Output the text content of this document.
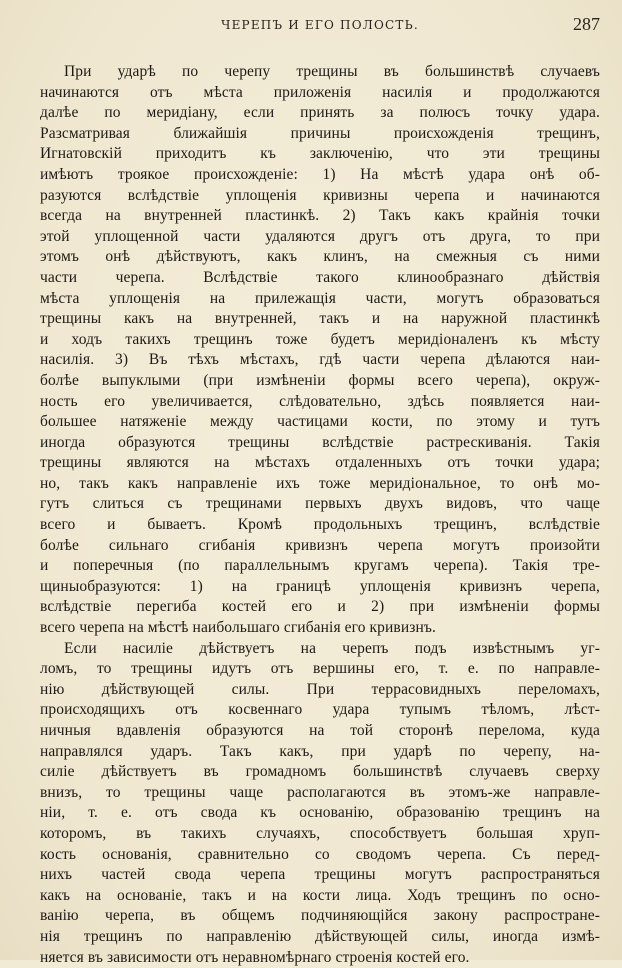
ЧЕРЕПЪ И ЕГО ПОЛОСТЬ.	287
При ударѣ по черепу трещины въ большинствѣ случаевъ
начинаются отъ мѣста приложенія насилія и продолжаются
далѣе по меридіану, если принять за полюсъ точку удара.
Разсматривая ближайшія причины происхожденія трещинъ,
Игнатовскій приходитъ къ заключенію, что эти трещины
имѣютъ троякое происхожденіе: 1) На мѣстѣ удара онѣ об-
разуются вслѣдствіе уплощенія кривизны черепа и начинаются
всегда на внутренней пластинкѣ. 2) Такъ какъ крайнія точки
этой уплощенной части удаляются другъ отъ друга, то при
этомъ онѣ дѣйствуютъ, какъ клинъ, на смежныя съ ними
части черепа. Вслѣдствіе такого клинообразнаго дѣйствія
мѣста уплощенія на прилежащія части, могутъ образоваться
трещины какъ на внутренней, такъ и на наружной пластинкѣ
и ходъ такихъ трещинъ тоже будетъ меридіоналенъ къ мѣсту
насилія. 3) Въ тѣхъ мѣстахъ, гдѣ части черепа дѣлаются наи-
болѣе выпуклыми (при измѣненіи формы всего черепа), окруж-
ность его увеличивается, слѣдовательно, здѣсь появляется наи-
большее натяженіе между частицами кости, по этому и тутъ
иногда образуются трещины вслѣдствіе растрескиванія. Такія
трещины являются на мѣстахъ отдаленныхъ отъ точки удара;
но, такъ какъ направленіе ихъ тоже меридіональное, то онѣ мо-
гутъ слиться съ трещинами первыхъ двухъ видовъ, что чаще
всего и бываетъ. Кромѣ продольныхъ трещинъ, вслѣдствіе
болѣе сильнаго сгибанія кривизнъ черепа могутъ произойти
и поперечныя (по параллельнымъ кругамъ черепа). Такія тре-
щиныобразуются: 1) на границѣ уплощенія кривизнъ черепа,
вслѣдствіе перегиба костей его и 2) при измѣненіи формы
всего черепа на мѣстѣ наибольшаго сгибанія его кривизнъ.
Если насиліе дѣйствуетъ на черепъ подъ извѣстнымъ уг-
ломъ, то трещины идутъ отъ вершины его, т. е. по направле-
нію дѣйствующей силы. При террасовидныхъ переломахъ,
происходящихъ отъ косвеннаго удара тупымъ тѣломъ, лѣст-
ничныя вдавленія образуются на той сторонѣ перелома, куда
направлялся ударъ. Такъ какъ, при ударѣ по черепу, на-
силіе дѣйствуетъ въ громадномъ большинствѣ случаевъ сверху
внизъ, то трещины чаще располагаются въ этомъ-же направле-
ніи, т. е. отъ свода къ основанію, образованію трещинъ на
которомъ, въ такихъ случаяхъ, способствуетъ большая хруп-
кость основанія, сравнительно со сводомъ черепа. Съ перед-
нихъ частей свода черепа трещины могутъ распространяться
какъ на основаніе, такъ и на кости лица. Ходъ трещинъ по осно-
ванію черепа, въ общемъ подчиняющійся закону распростране-
нія трещинъ по направленію дѣйствующей силы, иногда измѣ-
няется въ зависимости отъ неравномѣрнаго строенія костей его.
